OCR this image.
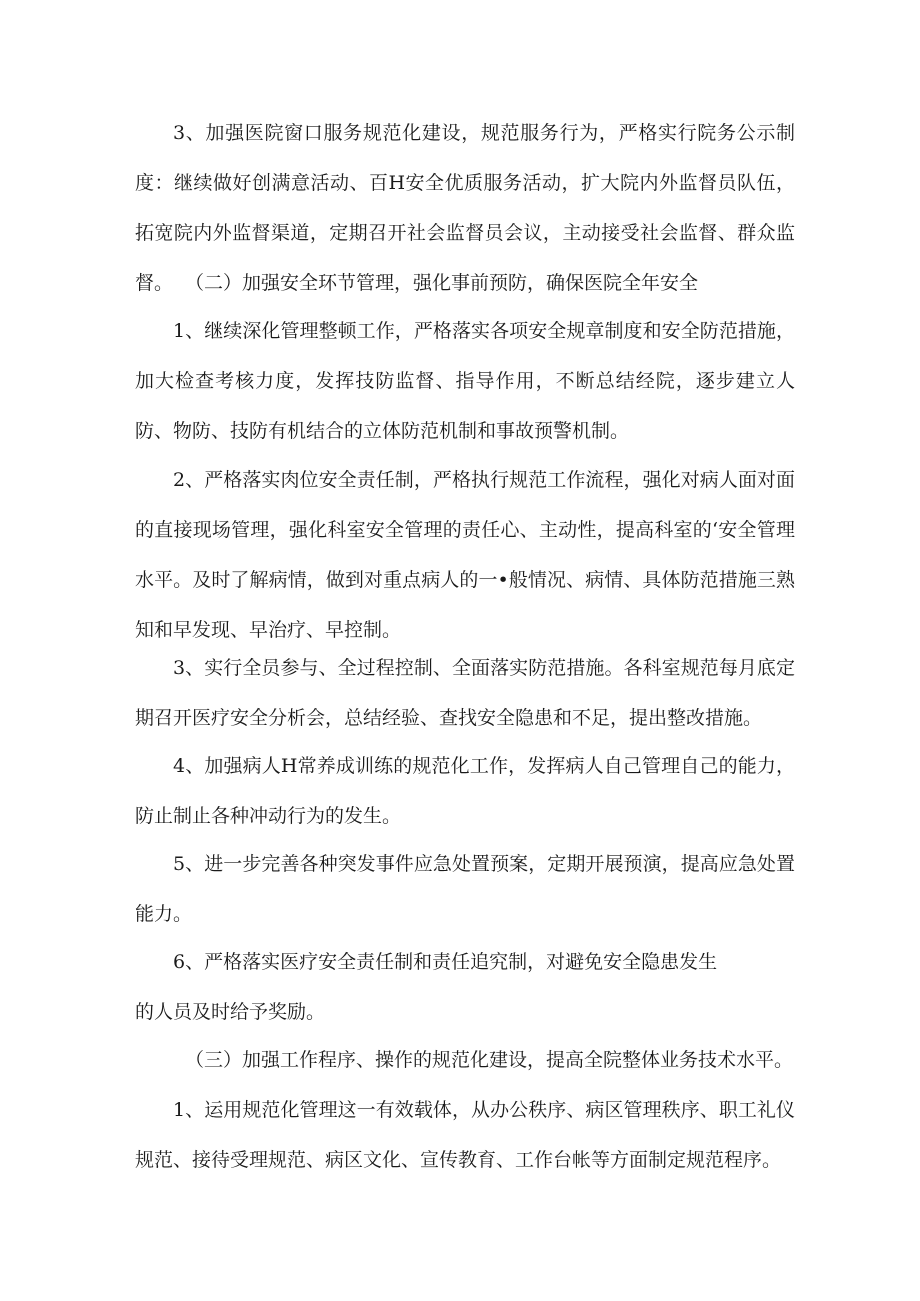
3、加强医院窗口服务规范化建设，规范服务行为，严格实行院务公示制度：继续做好创满意活动、百H安全优质服务活动，扩大院内外监督员队伍，拓宽院内外监督渠道，定期召开社会监督员会议，主动接受社会监督、群众监督。 （二）加强安全环节管理，强化事前预防，确保医院全年安全

1、继续深化管理整顿工作，严格落实各项安全规章制度和安全防范措施，加大检查考核力度，发挥技防监督、指导作用，不断总结经院，逐步建立人防、物防、技防有机结合的立体防范机制和事故预警机制。

2、严格落实肉位安全责任制，严格执行规范工作流程，强化对病人面对面的直接现场管理，强化科室安全管理的责任心、主动性，提高科室的‘安全管理水平。及时了解病情，做到对重点病人的一•般情况、病情、具体防范措施三熟知和早发现、早治疗、早控制。

3、实行全员参与、全过程控制、全面落实防范措施。各科室规范每月底定期召开医疗安全分析会，总结经验、查找安全隐患和不足，提出整改措施。

4、加强病人H常养成训练的规范化工作，发挥病人自己管理自己的能力，防止制止各种冲动行为的发生。

5、进一步完善各种突发事件应急处置预案，定期开展预演，提高应急处置能力。

6、严格落实医疗安全责任制和责任追究制，对避免安全隐患发生

的人员及时给予奖励。

（三）加强工作程序、操作的规范化建设，提高全院整体业务技术水平。

1、运用规范化管理这一有效载体，从办公秩序、病区管理秩序、职工礼仪规范、接待受理规范、病区文化、宣传教育、工作台帐等方面制定规范程序。
